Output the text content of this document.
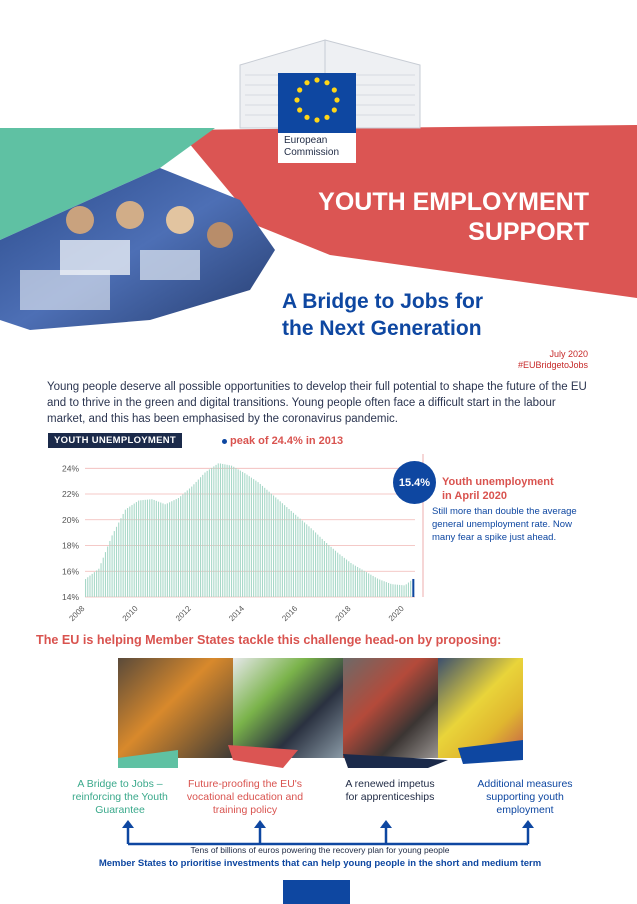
European
Commission
YOUTH EMPLOYMENT
SUPPORT
A Bridge to Jobs for
the Next Generation
July 2020
#EUBridgetoJobs
Young people deserve all possible opportunities to develop their full potential to shape the future of the EU and to thrive in the green and digital transitions. Young people often face a difficult start in the labour market, and this has been emphasised by the coronavirus pandemic.
YOUTH UNEMPLOYMENT	peak of 24.4% in 2013
24%
22%
20%
18%
16%
14%
2008	2010	2012	2014	2016	2018	2020
15.4%	Youth unemployment
in April 2020
Still more than double the average general unemployment rate. Now many fear a spike just ahead.
The EU is helping Member States tackle this challenge head-on by proposing:
A Bridge to Jobs –
reinforcing the Youth
Guarantee
Future-proofing the EU's
vocational education and
training policy
A renewed impetus
for apprenticeships
Additional measures
supporting youth
employment
Tens of billions of euros powering the recovery plan for young people
Member States to prioritise investments that can help young people in the short and medium term
